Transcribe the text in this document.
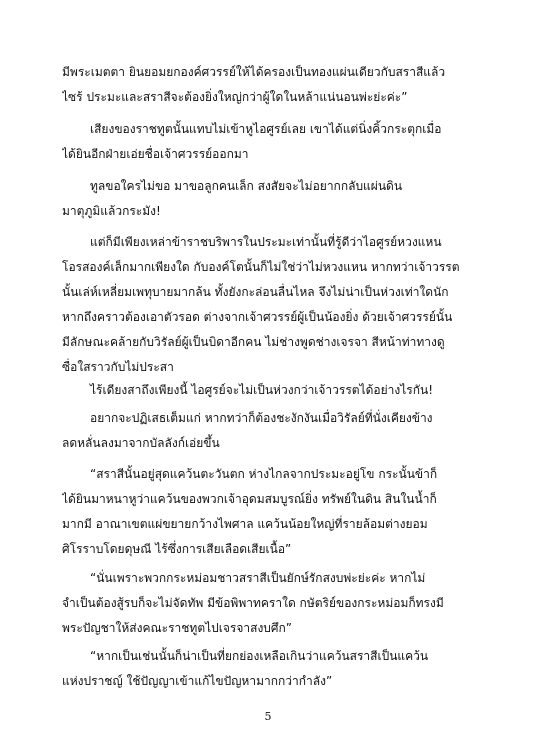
มีพระเมตตา ยินยอมยกองค์ศวรรย์ให้ได้ครองเป็นทองแผ่นเดียวกับสราสีแล้ว
ไซร้ ประมะและสราสีจะต้องยิ่งใหญ่กว่าผู้ใดในหล้าแน่นอนพ่ะย่ะค่ะ”

เสียงของราชทูตนั้นแทบไม่เข้าหูไอศูรย์เลย เขาได้แต่นิ่งคิ้วกระตุกเมื่อ
ได้ยินอีกฝ่ายเอ่ยชื่อเจ้าศวรรย์ออกมา

ทูลขอใครไม่ขอ มาขอลูกคนเล็ก สงสัยจะไม่อยากกลับแผ่นดิน
มาตุภูมิแล้วกระมัง!

แต่ก็มีเพียงเหล่าข้าราชบริพารในประมะเท่านั้นที่รู้ดีว่าไอศูรย์หวงแหน
โอรสองค์เล็กมากเพียงใด กับองค์โตนั้นก็ไม่ใช่ว่าไม่หวงแหน หากทว่าเจ้าวรรต
นั้นเล่ห์เหลี่ยมเพทุบายมากล้น ทั้งยังกะล่อนลื่นไหล จึงไม่น่าเป็นห่วงเท่าใดนัก
หากถึงคราวต้องเอาตัวรอด ต่างจากเจ้าศวรรย์ผู้เป็นน้องยิ่ง ด้วยเจ้าศวรรย์นั้น
มีลักษณะคล้ายกับวิรัลย์ผู้เป็นบิดาอีกคน ไม่ช่างพูดช่างเจรจา สีหน้าท่าทางดู
ซื่อใสราวกับไม่ประสา

ไร้เดียงสาถึงเพียงนี้ ไอศูรย์จะไม่เป็นห่วงกว่าเจ้าวรรตได้อย่างไรกัน!

อยากจะปฏิเสธเต็มแก่ หากทว่าก็ต้องชะงักงันเมื่อวิรัลย์ที่นั่งเคียงข้าง
ลดหลั่นลงมาจากบัลลังก์เอ่ยขึ้น

“สราสีนั้นอยู่สุดแคว้นตะวันตก ห่างไกลจากประมะอยู่โข กระนั้นข้าก็
ได้ยินมาหนาหูว่าแคว้นของพวกเจ้าอุดมสมบูรณ์ยิ่ง ทรัพย์ในดิน สินในน้ำก็
มากมี อาณาเขตแผ่ขยายกว้างไพศาล แคว้นน้อยใหญ่ที่รายล้อมต่างยอม
ศิโรราบโดยดุษณี ไร้ซึ่งการเสียเลือดเสียเนื้อ”

“นั่นเพราะพวกกระหม่อมชาวสราสีเป็นยักษ์รักสงบพ่ะย่ะค่ะ หากไม่
จำเป็นต้องสู้รบก็จะไม่จัดทัพ มีข้อพิพาทคราใด กษัตริย์ของกระหม่อมก็ทรงมี
พระปัญชาให้ส่งคณะราชทูตไปเจรจาสงบศึก”

“หากเป็นเช่นนั้นก็น่าเป็นที่ยกย่องเหลือเกินว่าแคว้นสราสีเป็นแคว้น
แห่งปราชญ์ ใช้ปัญญาเข้าแก้ไขปัญหามากกว่ากำลัง”

5
